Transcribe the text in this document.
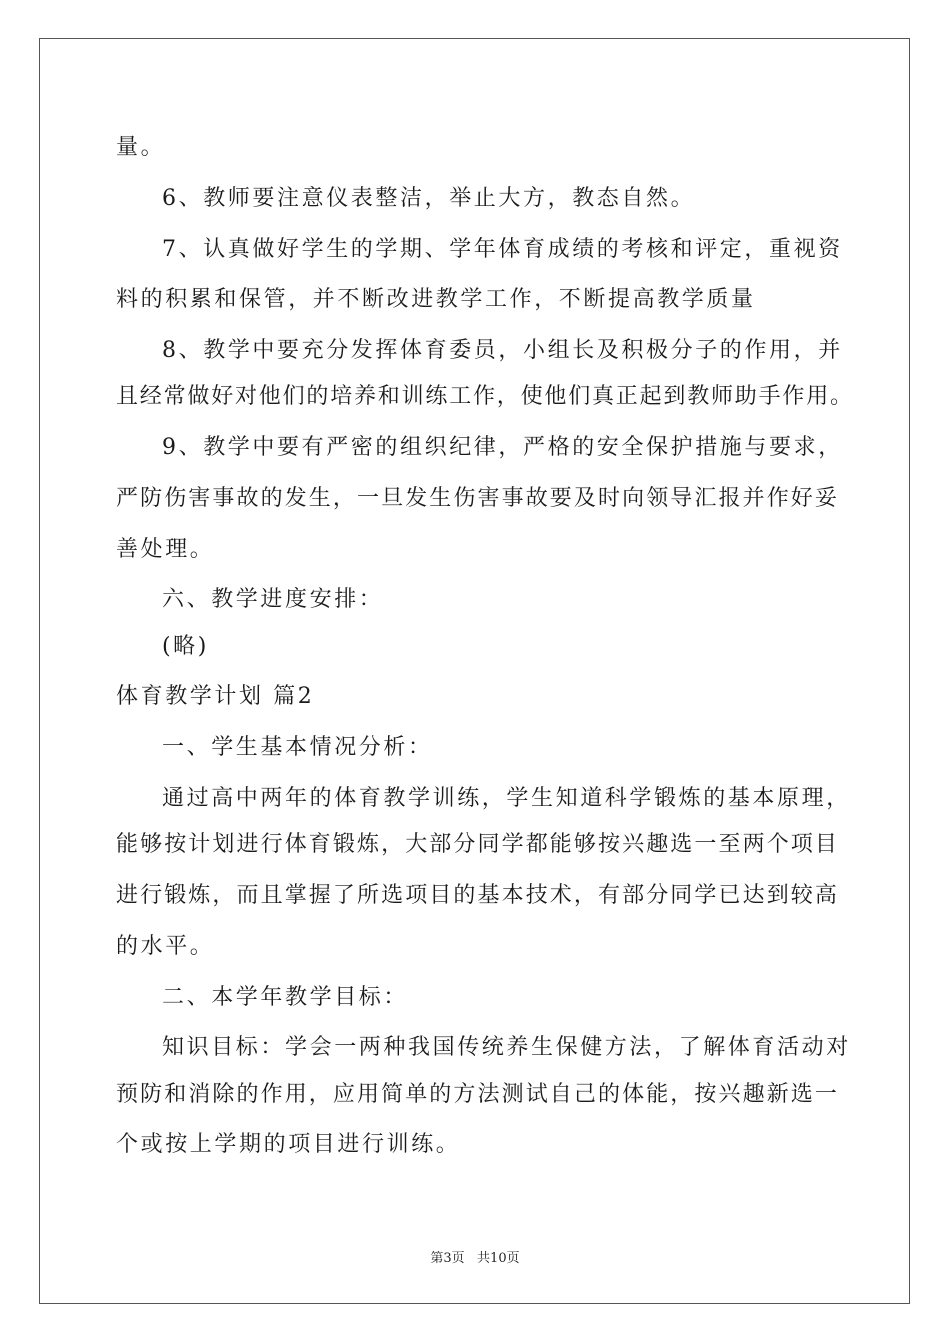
量。
6、教师要注意仪表整洁，举止大方，教态自然。
7、认真做好学生的学期、学年体育成绩的考核和评定，重视资
料的积累和保管，并不断改进教学工作，不断提高教学质量
8、教学中要充分发挥体育委员，小组长及积极分子的作用，并
且经常做好对他们的培养和训练工作，使他们真正起到教师助手作用。
9、教学中要有严密的组织纪律，严格的安全保护措施与要求，
严防伤害事故的发生，一旦发生伤害事故要及时向领导汇报并作好妥
善处理。
六、教学进度安排：
(略)
体育教学计划 篇2
一、学生基本情况分析：
通过高中两年的体育教学训练，学生知道科学锻炼的基本原理，
能够按计划进行体育锻炼，大部分同学都能够按兴趣选一至两个项目
进行锻炼，而且掌握了所选项目的基本技术，有部分同学已达到较高
的水平。
二、本学年教学目标：
知识目标：学会一两种我国传统养生保健方法，了解体育活动对
预防和消除的作用，应用简单的方法测试自己的体能，按兴趣新选一
个或按上学期的项目进行训练。
第3页   共10页
